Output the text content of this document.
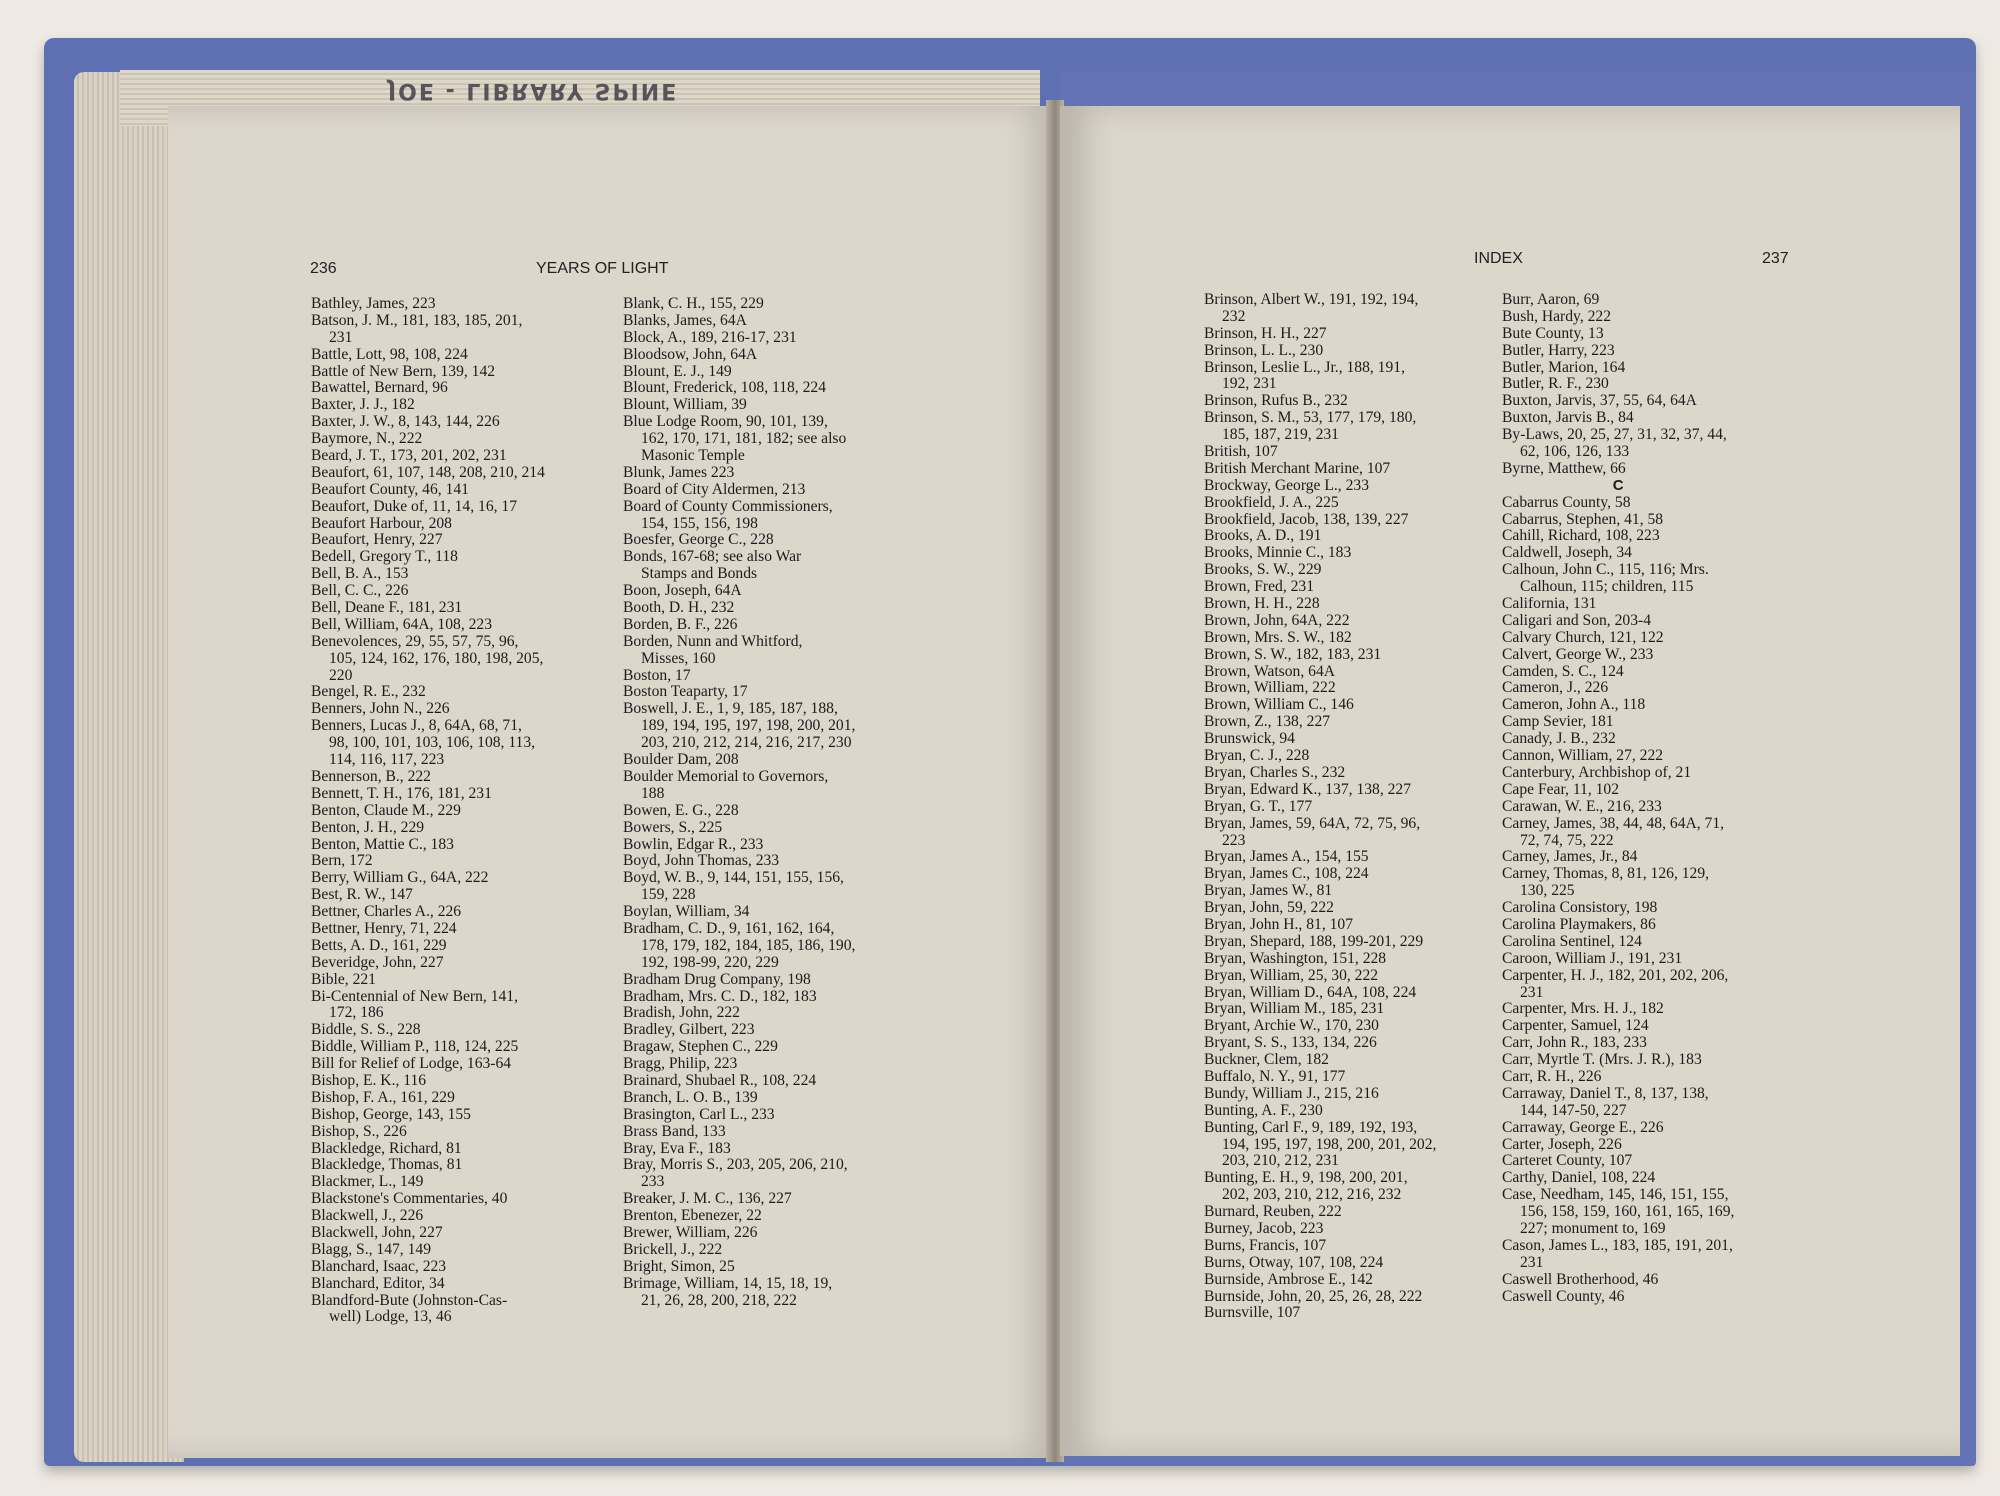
JOE - LIBRARY SPINE
236	YEARS OF LIGHT
Bathley, James, 223
Batson, J. M., 181, 183, 185, 201,
231
Battle, Lott, 98, 108, 224
Battle of New Bern, 139, 142
Bawattel, Bernard, 96
Baxter, J. J., 182
Baxter, J. W., 8, 143, 144, 226
Baymore, N., 222
Beard, J. T., 173, 201, 202, 231
Beaufort, 61, 107, 148, 208, 210, 214
Beaufort County, 46, 141
Beaufort, Duke of, 11, 14, 16, 17
Beaufort Harbour, 208
Beaufort, Henry, 227
Bedell, Gregory T., 118
Bell, B. A., 153
Bell, C. C., 226
Bell, Deane F., 181, 231
Bell, William, 64A, 108, 223
Benevolences, 29, 55, 57, 75, 96,
105, 124, 162, 176, 180, 198, 205,
220
Bengel, R. E., 232
Benners, John N., 226
Benners, Lucas J., 8, 64A, 68, 71,
98, 100, 101, 103, 106, 108, 113,
114, 116, 117, 223
Bennerson, B., 222
Bennett, T. H., 176, 181, 231
Benton, Claude M., 229
Benton, J. H., 229
Benton, Mattie C., 183
Bern, 172
Berry, William G., 64A, 222
Best, R. W., 147
Bettner, Charles A., 226
Bettner, Henry, 71, 224
Betts, A. D., 161, 229
Beveridge, John, 227
Bible, 221
Bi-Centennial of New Bern, 141,
172, 186
Biddle, S. S., 228
Biddle, William P., 118, 124, 225
Bill for Relief of Lodge, 163-64
Bishop, E. K., 116
Bishop, F. A., 161, 229
Bishop, George, 143, 155
Bishop, S., 226
Blackledge, Richard, 81
Blackledge, Thomas, 81
Blackmer, L., 149
Blackstone's Commentaries, 40
Blackwell, J., 226
Blackwell, John, 227
Blagg, S., 147, 149
Blanchard, Isaac, 223
Blanchard, Editor, 34
Blandford-Bute (Johnston-Cas-
well) Lodge, 13, 46
Blank, C. H., 155, 229
Blanks, James, 64A
Block, A., 189, 216-17, 231
Bloodsow, John, 64A
Blount, E. J., 149
Blount, Frederick, 108, 118, 224
Blount, William, 39
Blue Lodge Room, 90, 101, 139,
162, 170, 171, 181, 182; see also
Masonic Temple
Blunk, James 223
Board of City Aldermen, 213
Board of County Commissioners,
154, 155, 156, 198
Boesfer, George C., 228
Bonds, 167-68; see also War
Stamps and Bonds
Boon, Joseph, 64A
Booth, D. H., 232
Borden, B. F., 226
Borden, Nunn and Whitford,
Misses, 160
Boston, 17
Boston Teaparty, 17
Boswell, J. E., 1, 9, 185, 187, 188,
189, 194, 195, 197, 198, 200, 201,
203, 210, 212, 214, 216, 217, 230
Boulder Dam, 208
Boulder Memorial to Governors,
188
Bowen, E. G., 228
Bowers, S., 225
Bowlin, Edgar R., 233
Boyd, John Thomas, 233
Boyd, W. B., 9, 144, 151, 155, 156,
159, 228
Boylan, William, 34
Bradham, C. D., 9, 161, 162, 164,
178, 179, 182, 184, 185, 186, 190,
192, 198-99, 220, 229
Bradham Drug Company, 198
Bradham, Mrs. C. D., 182, 183
Bradish, John, 222
Bradley, Gilbert, 223
Bragaw, Stephen C., 229
Bragg, Philip, 223
Brainard, Shubael R., 108, 224
Branch, L. O. B., 139
Brasington, Carl L., 233
Brass Band, 133
Bray, Eva F., 183
Bray, Morris S., 203, 205, 206, 210,
233
Breaker, J. M. C., 136, 227
Brenton, Ebenezer, 22
Brewer, William, 226
Brickell, J., 222
Bright, Simon, 25
Brimage, William, 14, 15, 18, 19,
21, 26, 28, 200, 218, 222
INDEX	237
Brinson, Albert W., 191, 192, 194,
232
Brinson, H. H., 227
Brinson, L. L., 230
Brinson, Leslie L., Jr., 188, 191,
192, 231
Brinson, Rufus B., 232
Brinson, S. M., 53, 177, 179, 180,
185, 187, 219, 231
British, 107
British Merchant Marine, 107
Brockway, George L., 233
Brookfield, J. A., 225
Brookfield, Jacob, 138, 139, 227
Brooks, A. D., 191
Brooks, Minnie C., 183
Brooks, S. W., 229
Brown, Fred, 231
Brown, H. H., 228
Brown, John, 64A, 222
Brown, Mrs. S. W., 182
Brown, S. W., 182, 183, 231
Brown, Watson, 64A
Brown, William, 222
Brown, William C., 146
Brown, Z., 138, 227
Brunswick, 94
Bryan, C. J., 228
Bryan, Charles S., 232
Bryan, Edward K., 137, 138, 227
Bryan, G. T., 177
Bryan, James, 59, 64A, 72, 75, 96,
223
Bryan, James A., 154, 155
Bryan, James C., 108, 224
Bryan, James W., 81
Bryan, John, 59, 222
Bryan, John H., 81, 107
Bryan, Shepard, 188, 199-201, 229
Bryan, Washington, 151, 228
Bryan, William, 25, 30, 222
Bryan, William D., 64A, 108, 224
Bryan, William M., 185, 231
Bryant, Archie W., 170, 230
Bryant, S. S., 133, 134, 226
Buckner, Clem, 182
Buffalo, N. Y., 91, 177
Bundy, William J., 215, 216
Bunting, A. F., 230
Bunting, Carl F., 9, 189, 192, 193,
194, 195, 197, 198, 200, 201, 202,
203, 210, 212, 231
Bunting, E. H., 9, 198, 200, 201,
202, 203, 210, 212, 216, 232
Burnard, Reuben, 222
Burney, Jacob, 223
Burns, Francis, 107
Burns, Otway, 107, 108, 224
Burnside, Ambrose E., 142
Burnside, John, 20, 25, 26, 28, 222
Burnsville, 107
Burr, Aaron, 69
Bush, Hardy, 222
Bute County, 13
Butler, Harry, 223
Butler, Marion, 164
Butler, R. F., 230
Buxton, Jarvis, 37, 55, 64, 64A
Buxton, Jarvis B., 84
By-Laws, 20, 25, 27, 31, 32, 37, 44,
62, 106, 126, 133
Byrne, Matthew, 66
C
Cabarrus County, 58
Cabarrus, Stephen, 41, 58
Cahill, Richard, 108, 223
Caldwell, Joseph, 34
Calhoun, John C., 115, 116; Mrs.
Calhoun, 115; children, 115
California, 131
Caligari and Son, 203-4
Calvary Church, 121, 122
Calvert, George W., 233
Camden, S. C., 124
Cameron, J., 226
Cameron, John A., 118
Camp Sevier, 181
Canady, J. B., 232
Cannon, William, 27, 222
Canterbury, Archbishop of, 21
Cape Fear, 11, 102
Carawan, W. E., 216, 233
Carney, James, 38, 44, 48, 64A, 71,
72, 74, 75, 222
Carney, James, Jr., 84
Carney, Thomas, 8, 81, 126, 129,
130, 225
Carolina Consistory, 198
Carolina Playmakers, 86
Carolina Sentinel, 124
Caroon, William J., 191, 231
Carpenter, H. J., 182, 201, 202, 206,
231
Carpenter, Mrs. H. J., 182
Carpenter, Samuel, 124
Carr, John R., 183, 233
Carr, Myrtle T. (Mrs. J. R.), 183
Carr, R. H., 226
Carraway, Daniel T., 8, 137, 138,
144, 147-50, 227
Carraway, George E., 226
Carter, Joseph, 226
Carteret County, 107
Carthy, Daniel, 108, 224
Case, Needham, 145, 146, 151, 155,
156, 158, 159, 160, 161, 165, 169,
227; monument to, 169
Cason, James L., 183, 185, 191, 201,
231
Caswell Brotherhood, 46
Caswell County, 46
